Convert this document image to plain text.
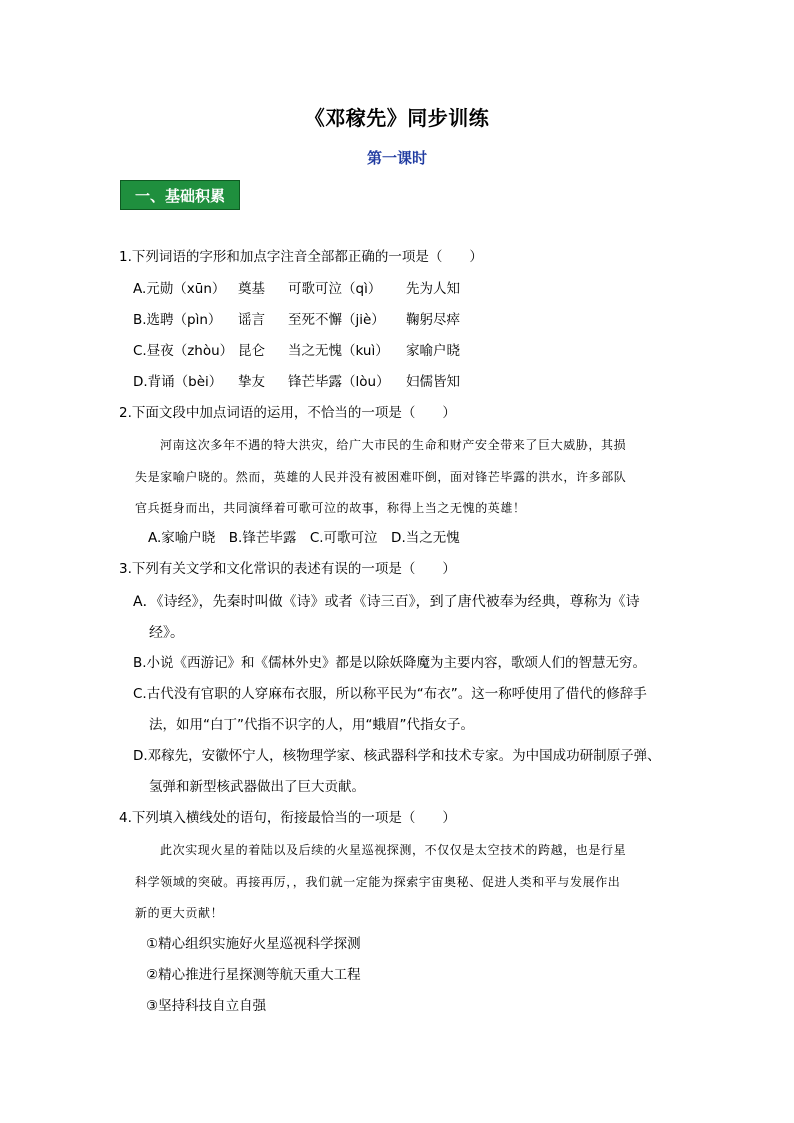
《邓稼先》同步训练
第一课时
一、基础积累
1.下列词语的字形和加点字注音全部都正确的一项是（　　）
A.元勋（xūn） 奠基 可歌可泣（qì） 先为人知
B.选聘（pìn） 谣言 至死不懈（jiè） 鞠躬尽瘁
C.昼夜（zhòu） 昆仑 当之无愧（kuì） 家喻户晓
D.背诵（bèi） 挚友 锋芒毕露（lòu） 妇儒皆知
2.下面文段中加点词语的运用，不恰当的一项是（　　）
河南这次多年不遇的特大洪灾，给广大市民的生命和财产安全带来了巨大威胁，其损
失是家喻户晓的。然而，英雄的人民并没有被困难吓倒，面对锋芒毕露的洪水，许多部队
官兵挺身而出，共同演绎着可歌可泣的故事，称得上当之无愧的英雄！
A.家喻户晓　B.锋芒毕露　C.可歌可泣　D.当之无愧
3.下列有关文学和文化常识的表述有误的一项是（　　）
A．《诗经》，先秦时叫做《诗》或者《诗三百》，到了唐代被奉为经典，尊称为《诗
经》。
B.小说《西游记》和《儒林外史》都是以除妖降魔为主要内容，歌颂人们的智慧无穷。
C.古代没有官职的人穿麻布衣服，所以称平民为“布衣”。这一称呼使用了借代的修辞手
法，如用“白丁”代指不识字的人，用“蛾眉”代指女子。
D.邓稼先，安徽怀宁人，核物理学家、核武器科学和技术专家。为中国成功研制原子弹、
氢弹和新型核武器做出了巨大贡献。
4.下列填入横线处的语句，衔接最恰当的一项是（　　）
此次实现火星的着陆以及后续的火星巡视探测，不仅仅是太空技术的跨越，也是行星
科学领域的突破。再接再厉，，我们就一定能为探索宇宙奥秘、促进人类和平与发展作出
新的更大贡献！
①精心组织实施好火星巡视科学探测
②精心推进行星探测等航天重大工程
③坚持科技自立自强
